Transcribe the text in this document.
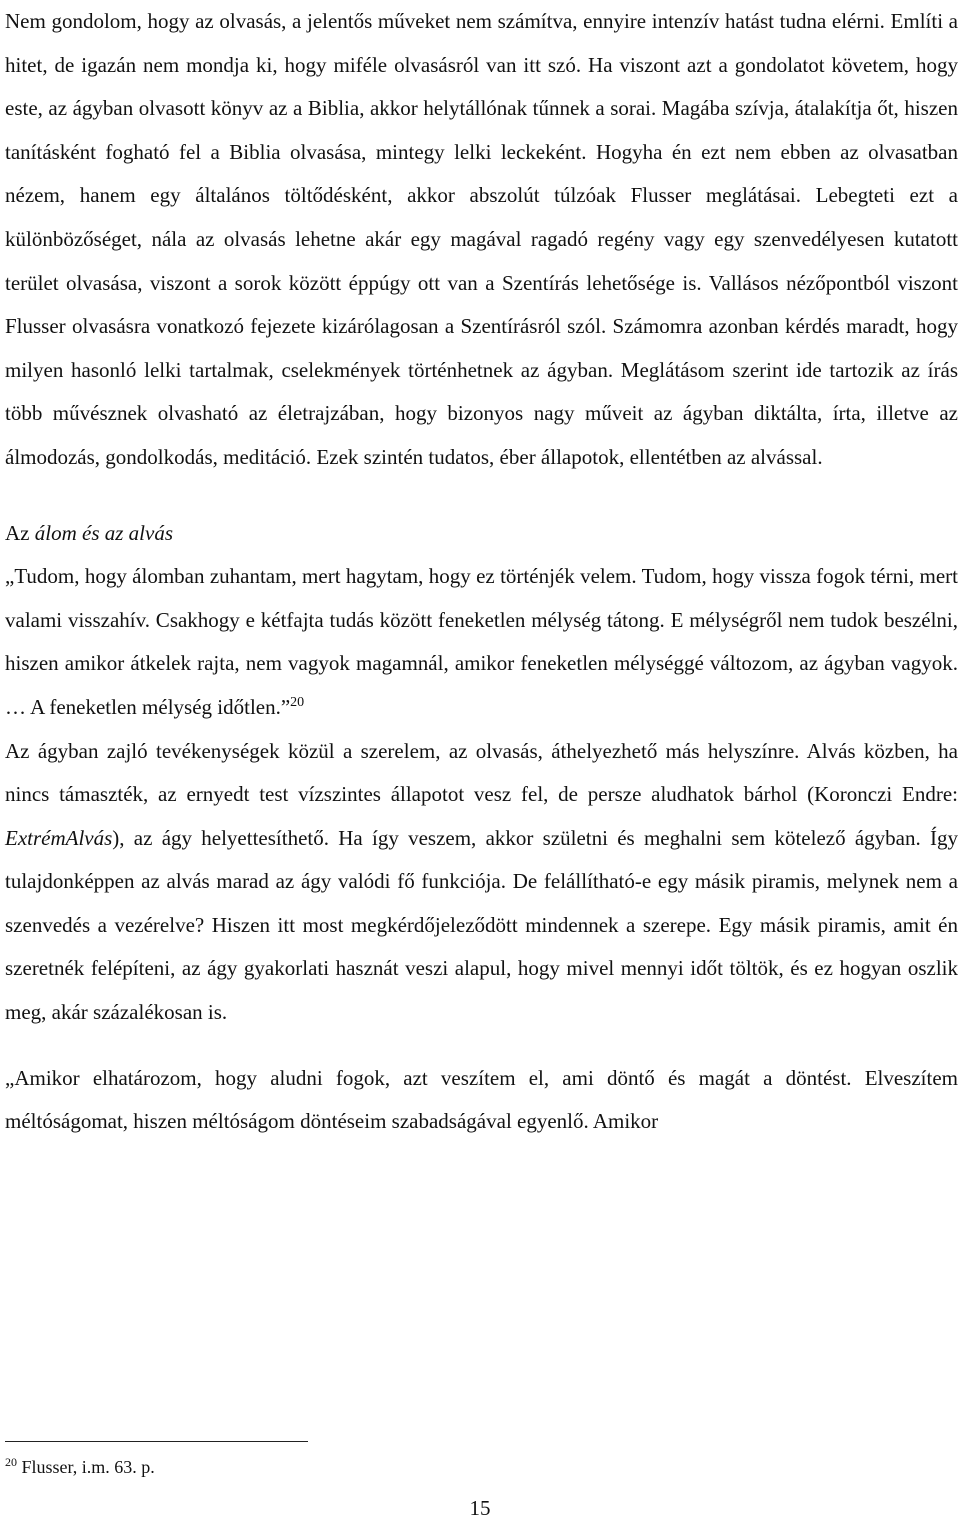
Nem gondolom, hogy az olvasás, a jelentős műveket nem számítva, ennyire intenzív hatást tudna elérni. Említi a hitet, de igazán nem mondja ki, hogy miféle olvasásról van itt szó. Ha viszont azt a gondolatot követem, hogy este, az ágyban olvasott könyv az a Biblia, akkor helytállónak tűnnek a sorai. Magába szívja, átalakítja őt, hiszen tanításként fogható fel a Biblia olvasása, mintegy lelki leckeként. Hogyha én ezt nem ebben az olvasatban nézem, hanem egy általános töltődésként, akkor abszolút túlzóak Flusser meglátásai. Lebegteti ezt a különbözőséget, nála az olvasás lehetne akár egy magával ragadó regény vagy egy szenvedélyesen kutatott terület olvasása, viszont a sorok között éppúgy ott van a Szentírás lehetősége is. Vallásos nézőpontból viszont Flusser olvasásra vonatkozó fejezete kizárólagosan a Szentírásról szól. Számomra azonban kérdés maradt, hogy milyen hasonló lelki tartalmak, cselekmények történhetnek az ágyban. Meglátásom szerint ide tartozik az írás több művésznek olvasható az életrajzában, hogy bizonyos nagy műveit az ágyban diktálta, írta, illetve az álmodozás, gondolkodás, meditáció. Ezek szintén tudatos, éber állapotok, ellentétben az alvással.

Az álom és az alvás

„Tudom, hogy álomban zuhantam, mert hagytam, hogy ez történjék velem. Tudom, hogy vissza fogok térni, mert valami visszahív. Csakhogy e kétfajta tudás között feneketlen mélység tátong. E mélységről nem tudok beszélni, hiszen amikor átkelek rajta, nem vagyok magamnál, amikor feneketlen mélységgé változom, az ágyban vagyok. … A feneketlen mélység időtlen.”$^{20}$

Az ágyban zajló tevékenységek közül a szerelem, az olvasás, áthelyezhető más helyszínre. Alvás közben, ha nincs támaszték, az ernyedt test vízszintes állapotot vesz fel, de persze aludhatok bárhol (Koronczi Endre: ExtrémAlvás), az ágy helyettesíthető. Ha így veszem, akkor születni és meghalni sem kötelező ágyban. Így tulajdonképpen az alvás marad az ágy valódi fő funkciója. De felállítható-e egy másik piramis, melynek nem a szenvedés a vezérelve? Hiszen itt most megkérdőjeleződött mindennek a szerepe. Egy másik piramis, amit én szeretnék felépíteni, az ágy gyakorlati hasznát veszi alapul, hogy mivel mennyi időt töltök, és ez hogyan oszlik meg, akár százalékosan is.

„Amikor elhatározom, hogy aludni fogok, azt veszítem el, ami döntő és magát a döntést. Elveszítem méltóságomat, hiszen méltóságom döntéseim szabadságával egyenlő. Amikor

$^{20}$ Flusser, i.m. 63. p.
15
